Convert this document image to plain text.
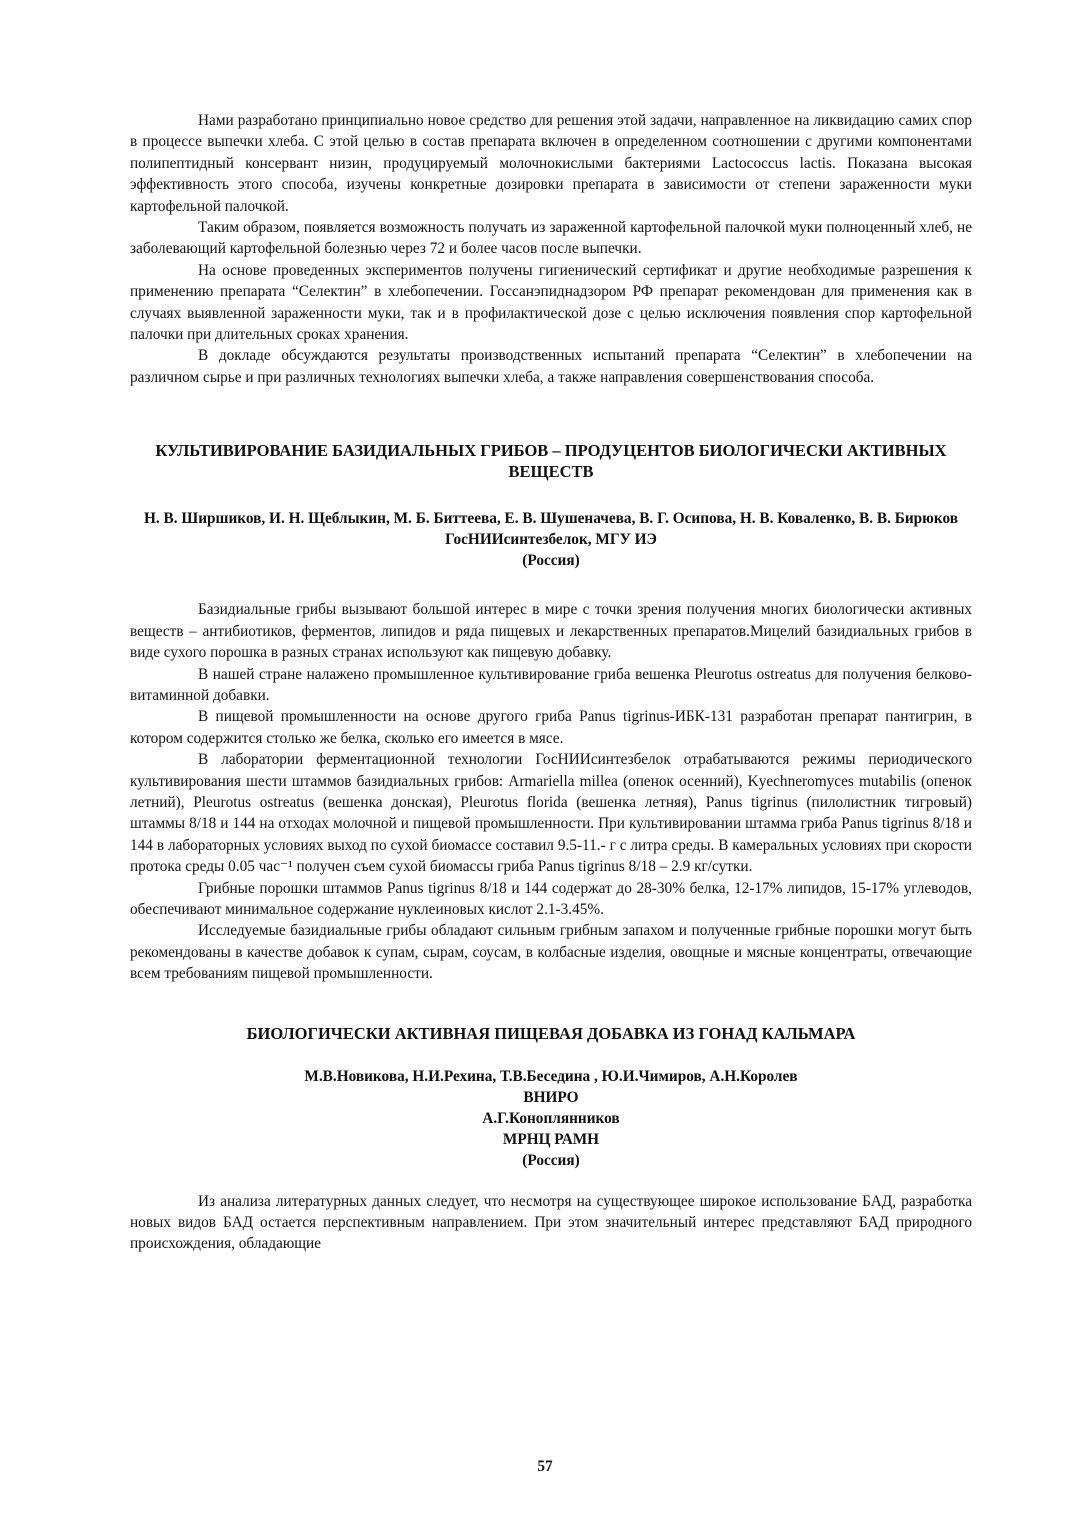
Нами разработано принципиально новое средство для решения этой задачи, направленное на ликвидацию самих спор в процессе выпечки хлеба. С этой целью в состав препарата включен в определенном соотношении с другими компонентами полипептидный консервант низин, продуцируемый молочнокислыми бактериями Lactococcus lactis. Показана высокая эффективность этого способа, изучены конкретные дозировки препарата в зависимости от степени зараженности муки картофельной палочкой.

Таким образом, появляется возможность получать из зараженной картофельной палочкой муки полноценный хлеб, не заболевающий картофельной болезнью через 72 и более часов после выпечки.

На основе проведенных экспериментов получены гигиенический сертификат и другие необходимые разрешения к применению препарата “Селектин” в хлебопечении. Госсанэпиднадзором РФ препарат рекомендован для применения как в случаях выявленной зараженности муки, так и в профилактической дозе с целью исключения появления спор картофельной палочки при длительных сроках хранения.

В докладе обсуждаются результаты производственных испытаний препарата “Селектин” в хлебопечении на различном сырье и при различных технологиях выпечки хлеба, а также направления совершенствования способа.

КУЛЬТИВИРОВАНИЕ БАЗИДИАЛЬНЫХ ГРИБОВ – ПРОДУЦЕНТОВ БИОЛОГИЧЕСКИ АКТИВНЫХ ВЕЩЕСТВ

Н. В. Ширшиков, И. Н. Щеблыкин, М. Б. Биттеева, Е. В. Шушеначева, В. Г. Осипова, Н. В. Коваленко, В. В. Бирюков

ГосНИИсинтезбелок, МГУ ИЭ

(Россия)

Базидиальные грибы вызывают большой интерес в мире с точки зрения получения многих биологически активных веществ – антибиотиков, ферментов, липидов и ряда пищевых и лекарственных препаратов.Мицелий базидиальных грибов в виде сухого порошка в разных странах используют как пищевую добавку.

В нашей стране налажено промышленное культивирование гриба вешенка Pleurotus ostreatus для получения белково-витаминной добавки.

В пищевой промышленности на основе другого гриба Panus tigrinus-ИБК-131 разработан препарат пантигрин, в котором содержится столько же белка, сколько его имеется в мясе.

В лаборатории ферментационной технологии ГосНИИсинтезбелок отрабатываются режимы периодического культивирования шести штаммов базидиальных грибов: Armariella millea (опенок осенний), Kyechneromyces mutabilis (опенок летний), Pleurotus ostreatus (вешенка донская), Pleurotus florida (вешенка летняя), Panus tigrinus (пилолистник тигровый) штаммы 8/18 и 144 на отходах молочной и пищевой промышленности. При культивировании штамма гриба Panus tigrinus 8/18 и 144 в лабораторных условиях выход по сухой биомассе составил 9.5-11.- г с литра среды. В камеральных условиях при скорости протока среды 0.05 час⁻¹ получен съем сухой биомассы гриба Panus tigrinus 8/18 – 2.9 кг/сутки.

Грибные порошки штаммов Panus tigrinus 8/18 и 144 содержат до 28-30% белка, 12-17% липидов, 15-17% углеводов, обеспечивают минимальное содержание нуклеиновых кислот 2.1-3.45%.

Исследуемые базидиальные грибы обладают сильным грибным запахом и полученные грибные порошки могут быть рекомендованы в качестве добавок к супам, сырам, соусам, в колбасные изделия, овощные и мясные концентраты, отвечающие всем требованиям пищевой промышленности.

БИОЛОГИЧЕСКИ АКТИВНАЯ ПИЩЕВАЯ ДОБАВКА ИЗ ГОНАД КАЛЬМАРА

М.В.Новикова, Н.И.Рехина, Т.В.Беседина , Ю.И.Чимиров, А.Н.Королев

ВНИРО

А.Г.Коноплянников

МРНЦ РАМН

(Россия)

Из анализа литературных данных следует, что несмотря на существующее широкое использование БАД, разработка новых видов БАД остается перспективным направлением. При этом значительный интерес представляют БАД природного происхождения, обладающие

57
